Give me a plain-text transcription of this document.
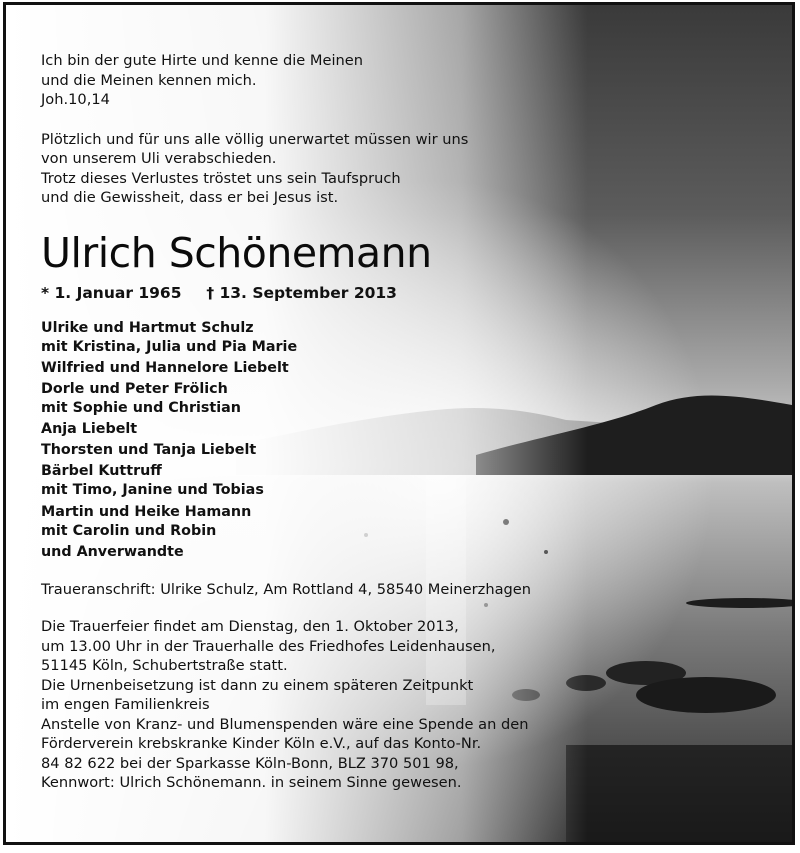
Ich bin der gute Hirte und kenne die Meinen
und die Meinen kennen mich.
Joh.10,14
Plötzlich und für uns alle völlig unerwartet müssen wir uns
von unserem Uli verabschieden.
Trotz dieses Verlustes tröstet uns sein Taufspruch
und die Gewissheit, dass er bei Jesus ist.
Ulrich Schönemann
* 1. Januar 1965 † 13. September 2013
Ulrike und Hartmut Schulz
mit Kristina, Julia und Pia Marie
Wilfried und Hannelore Liebelt
Dorle und Peter Frölich
mit Sophie und Christian
Anja Liebelt
Thorsten und Tanja Liebelt
Bärbel Kuttruff
mit Timo, Janine und Tobias
Martin und Heike Hamann
mit Carolin und Robin
und Anverwandte
Traueranschrift: Ulrike Schulz, Am Rottland 4, 58540 Meinerzhagen
Die Trauerfeier findet am Dienstag, den 1. Oktober 2013,
um 13.00 Uhr in der Trauerhalle des Friedhofes Leidenhausen,
51145 Köln, Schubertstraße statt.
Die Urnenbeisetzung ist dann zu einem späteren Zeitpunkt
im engen Familienkreis
Anstelle von Kranz- und Blumenspenden wäre eine Spende an den
Förderverein krebskranke Kinder Köln e.V., auf das Konto-Nr.
84 82 622 bei der Sparkasse Köln-Bonn, BLZ 370 501 98,
Kennwort: Ulrich Schönemann. in seinem Sinne gewesen.
